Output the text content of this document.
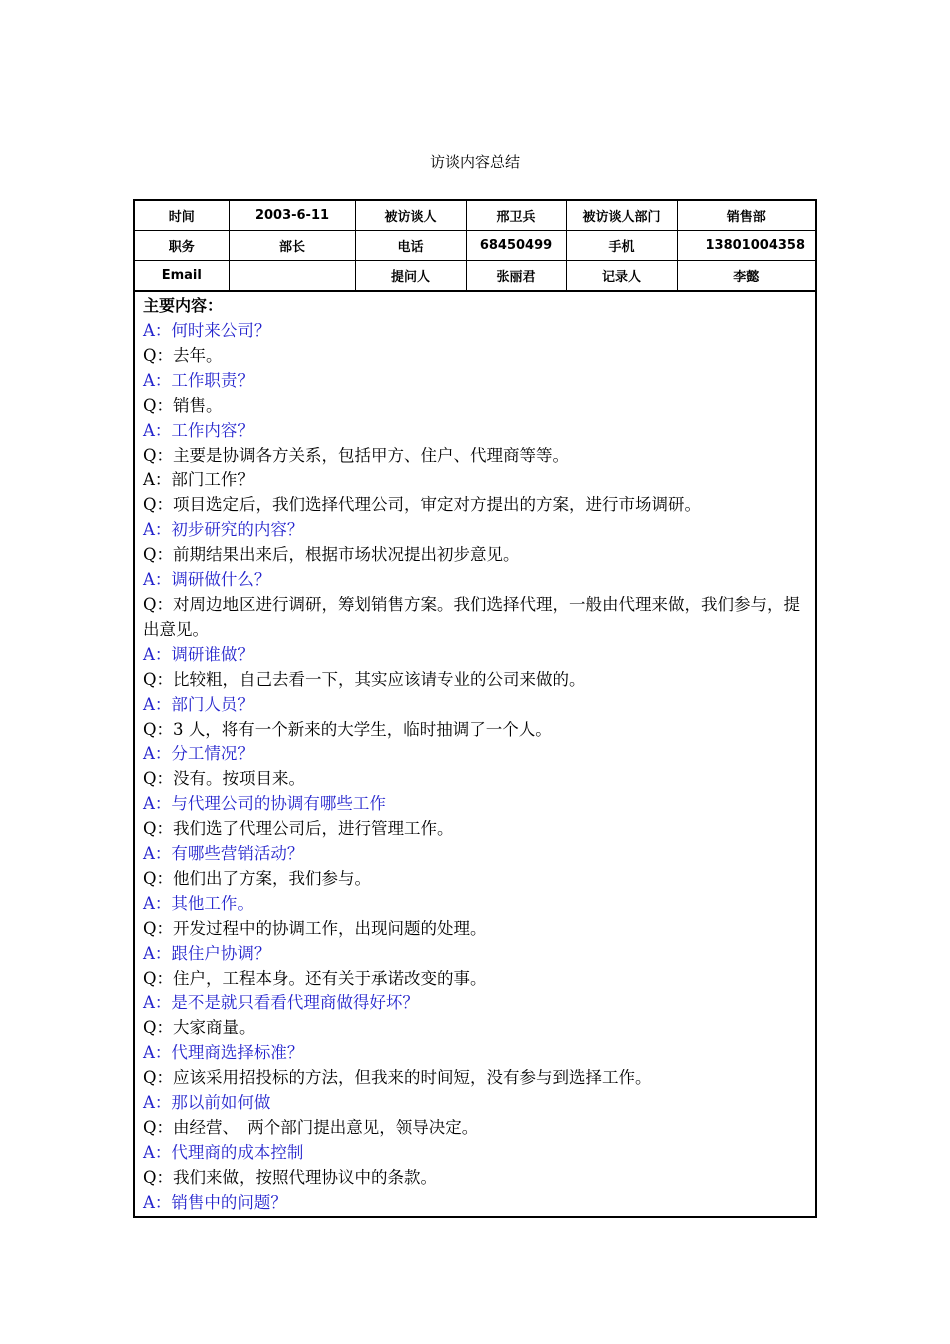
访谈内容总结
时间	2003-6-11	被访谈人	邢卫兵	被访谈人部门	销售部
职务	部长	电话	68450499	手机	13801004358
Email		提问人	张丽君	记录人	李懿
主要内容：
A：何时来公司？
Q：去年。
A：工作职责？
Q：销售。
A：工作内容？
Q：主要是协调各方关系，包括甲方、住户、代理商等等。
A：部门工作？
Q：项目选定后，我们选择代理公司，审定对方提出的方案，进行市场调研。
A：初步研究的内容？
Q：前期结果出来后，根据市场状况提出初步意见。
A：调研做什么？
Q：对周边地区进行调研，筹划销售方案。我们选择代理，一般由代理来做，我们参与，提出意见。
A：调研谁做？
Q：比较粗，自己去看一下，其实应该请专业的公司来做的。
A：部门人员？
Q：3 人，将有一个新来的大学生，临时抽调了一个人。
A：分工情况？
Q：没有。按项目来。
A：与代理公司的协调有哪些工作
Q：我们选了代理公司后，进行管理工作。
A：有哪些营销活动？
Q：他们出了方案，我们参与。
A：其他工作。
Q：开发过程中的协调工作，出现问题的处理。
A：跟住户协调？
Q：住户，工程本身。还有关于承诺改变的事。
A：是不是就只看看代理商做得好坏？
Q：大家商量。
A：代理商选择标准？
Q：应该采用招投标的方法，但我来的时间短，没有参与到选择工作。
A：那以前如何做
Q：由经营、　两个部门提出意见，领导决定。
A：代理商的成本控制
Q：我们来做，按照代理协议中的条款。
A：销售中的问题？
